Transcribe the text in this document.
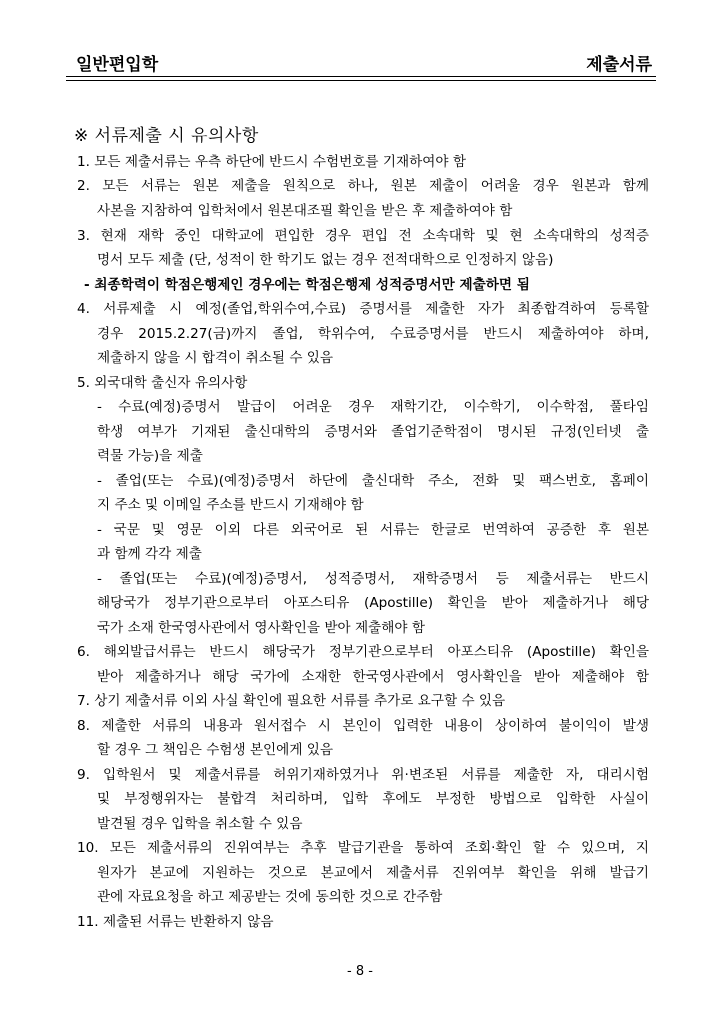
일반편입학	제출서류
※ 서류제출 시 유의사항
1. 모든 제출서류는 우측 하단에 반드시 수험번호를 기재하여야 함
2. 모든 서류는 원본 제출을 원칙으로 하나, 원본 제출이 어려울 경우 원본과 함께
사본을 지참하여 입학처에서 원본대조필 확인을 받은 후 제출하여야 함
3. 현재 재학 중인 대학교에 편입한 경우 편입 전 소속대학 및 현 소속대학의 성적증
명서 모두 제출 (단, 성적이 한 학기도 없는 경우 전적대학으로 인정하지 않음)
- 최종학력이 학점은행제인 경우에는 학점은행제 성적증명서만 제출하면 됨
4. 서류제출 시 예정(졸업,학위수여,수료) 증명서를 제출한 자가 최종합격하여 등록할
경우 2015.2.27(금)까지 졸업, 학위수여, 수료증명서를 반드시 제출하여야 하며,
제출하지 않을 시 합격이 취소될 수 있음
5. 외국대학 출신자 유의사항
- 수료(예정)증명서 발급이 어려운 경우 재학기간, 이수학기, 이수학점, 풀타임
학생 여부가 기재된 출신대학의 증명서와 졸업기준학점이 명시된 규정(인터넷 출
력물 가능)을 제출
- 졸업(또는 수료)(예정)증명서 하단에 출신대학 주소, 전화 및 팩스번호, 홈페이
지 주소 및 이메일 주소를 반드시 기재해야 함
- 국문 및 영문 이외 다른 외국어로 된 서류는 한글로 번역하여 공증한 후 원본
과 함께 각각 제출
- 졸업(또는 수료)(예정)증명서, 성적증명서, 재학증명서 등 제출서류는 반드시
해당국가 정부기관으로부터 아포스티유 (Apostille) 확인을 받아 제출하거나 해당
국가 소재 한국영사관에서 영사확인을 받아 제출해야 함
6. 해외발급서류는 반드시 해당국가 정부기관으로부터 아포스티유 (Apostille) 확인을
받아 제출하거나 해당 국가에 소재한 한국영사관에서 영사확인을 받아 제출해야 함
7. 상기 제출서류 이외 사실 확인에 필요한 서류를 추가로 요구할 수 있음
8. 제출한 서류의 내용과 원서접수 시 본인이 입력한 내용이 상이하여 불이익이 발생
할 경우 그 책임은 수험생 본인에게 있음
9. 입학원서 및 제출서류를 허위기재하였거나 위·변조된 서류를 제출한 자, 대리시험
및 부정행위자는 불합격 처리하며, 입학 후에도 부정한 방법으로 입학한 사실이
발견될 경우 입학을 취소할 수 있음
10. 모든 제출서류의 진위여부는 추후 발급기관을 통하여 조회·확인 할 수 있으며, 지
원자가 본교에 지원하는 것으로 본교에서 제출서류 진위여부 확인을 위해 발급기
관에 자료요청을 하고 제공받는 것에 동의한 것으로 간주함
11. 제출된 서류는 반환하지 않음
- 8 -
